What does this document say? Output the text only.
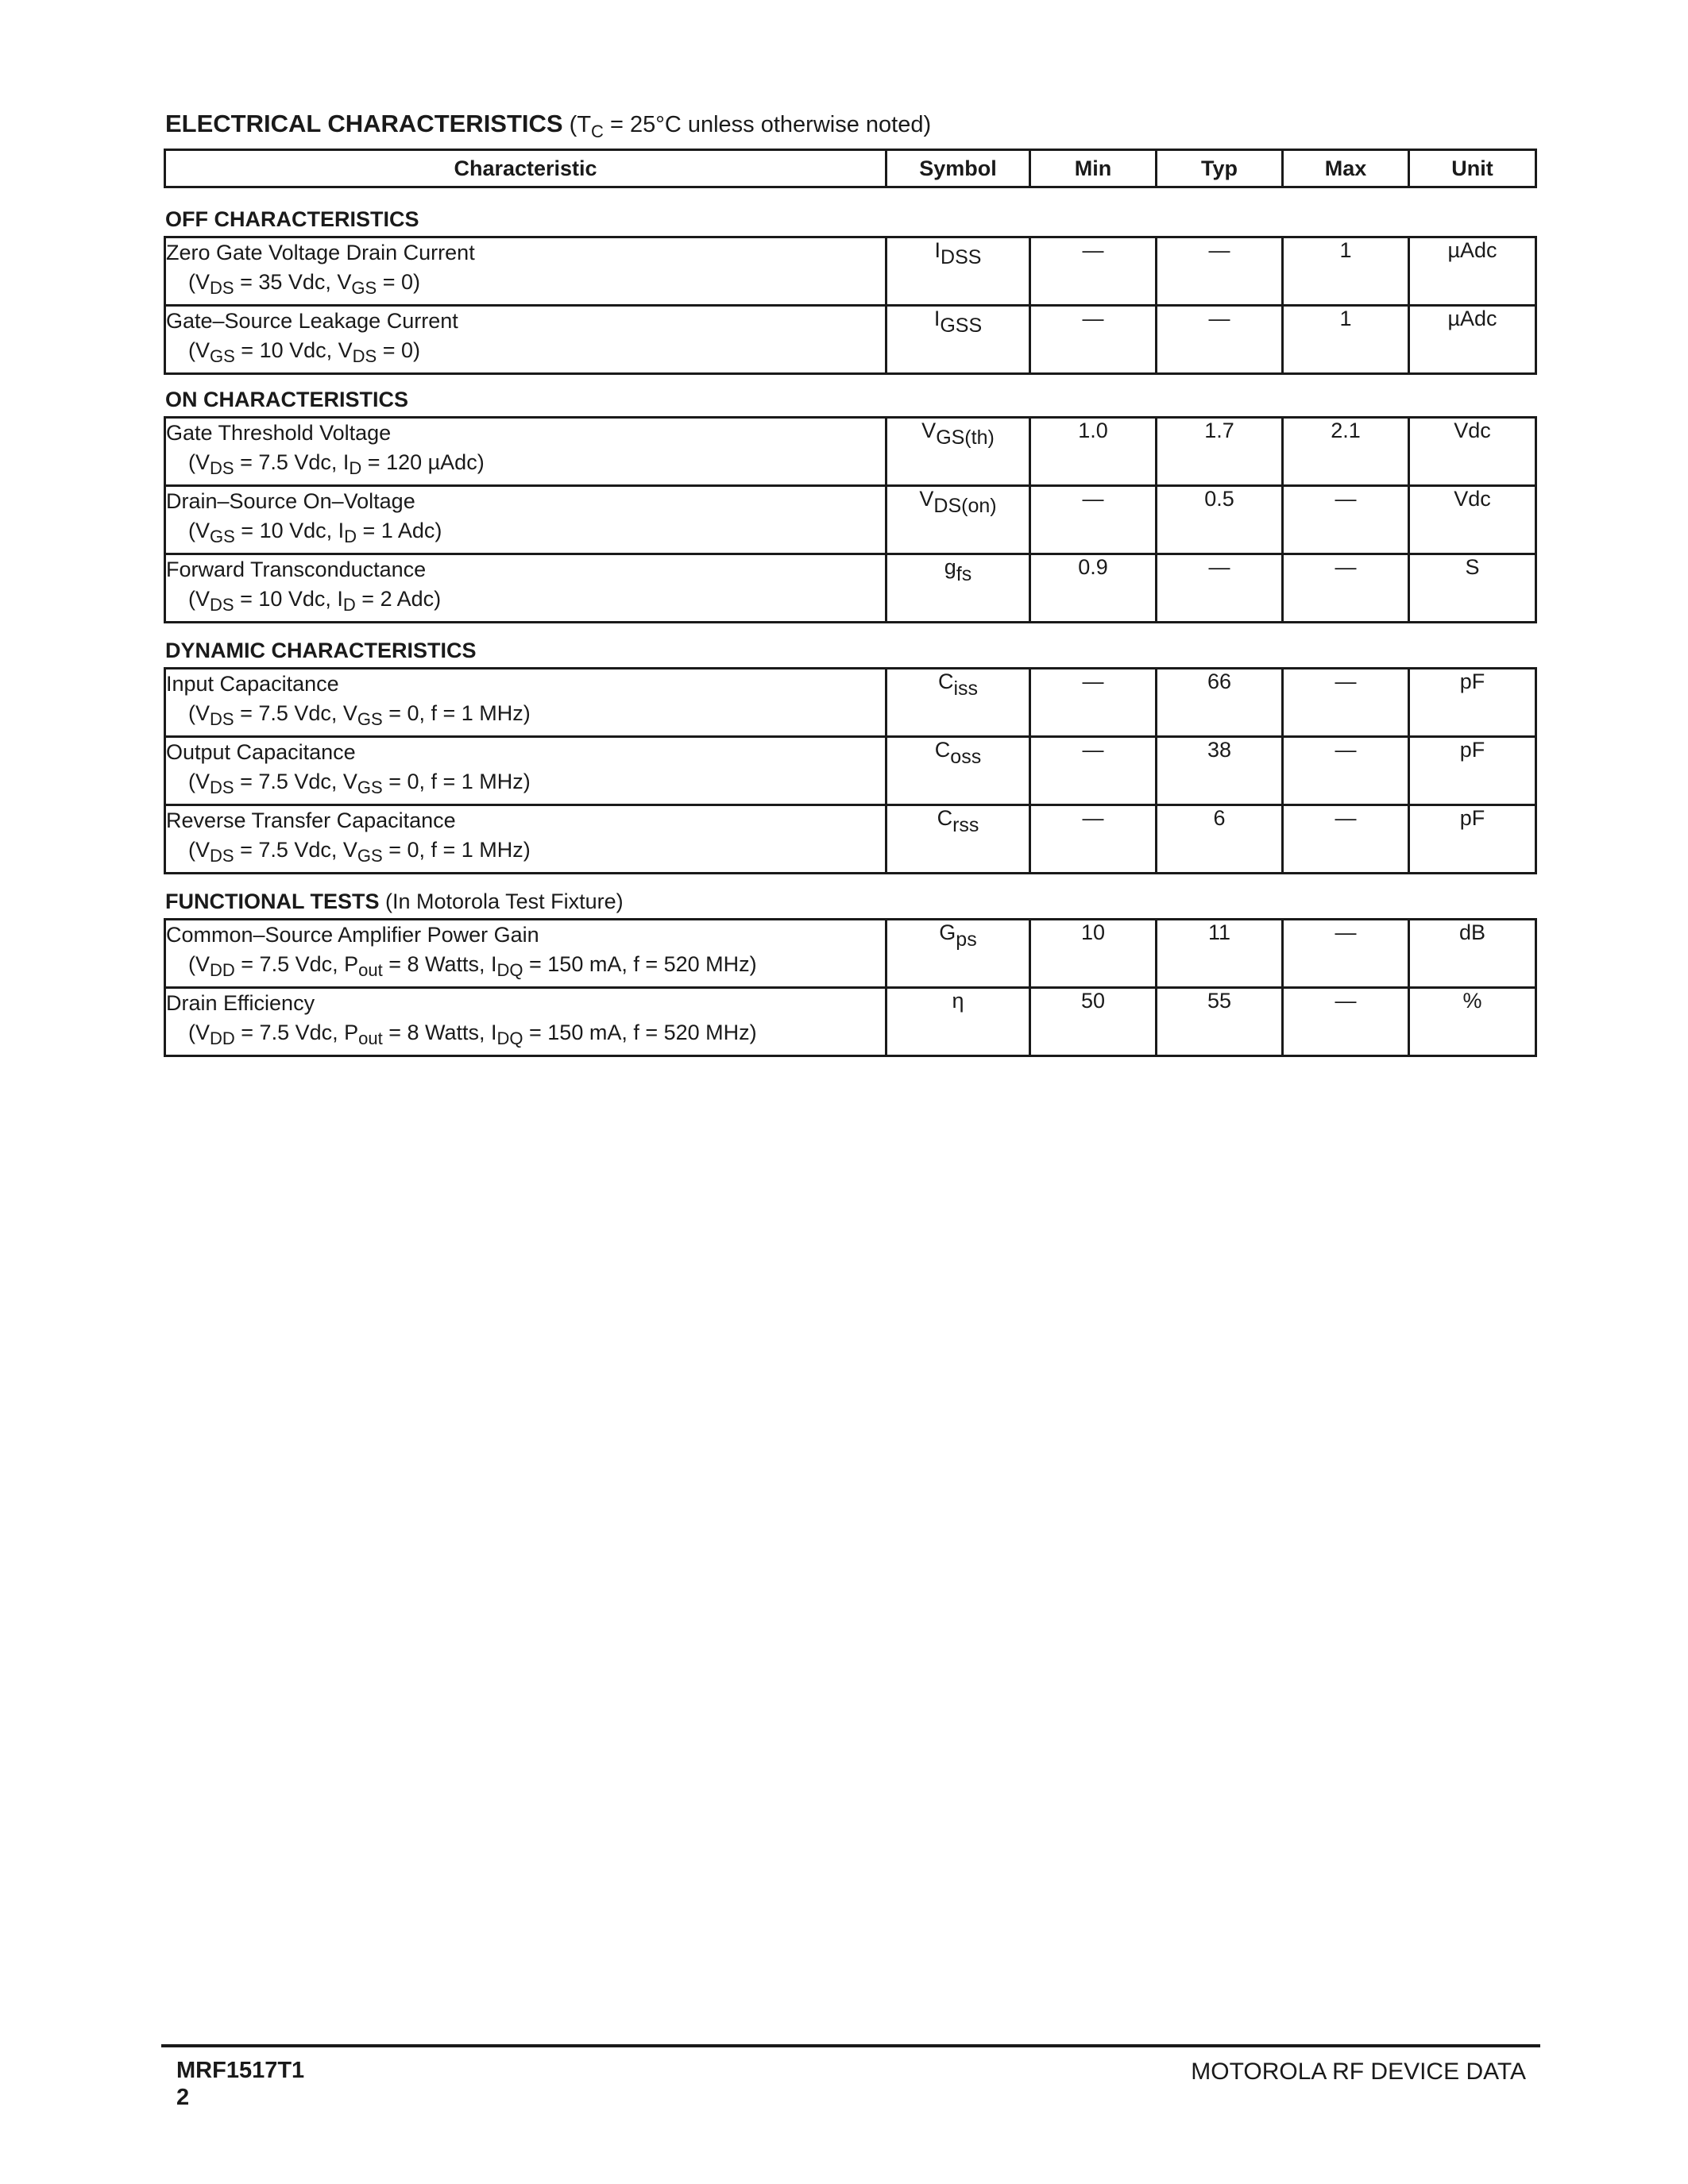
ELECTRICAL CHARACTERISTICS ($T_C = 25^\circ C$ unless otherwise noted)
Characteristic	Symbol	Min	Typ	Max	Unit
OFF CHARACTERISTICS
Zero Gate Voltage Drain Current
($V_{DS} = 35$ Vdc, $V_{GS} = 0$)	$I_{DSS}$	—	—	1	µAdc
Gate–Source Leakage Current
($V_{GS} = 10$ Vdc, $V_{DS} = 0$)	$I_{GSS}$	—	—	1	µAdc
ON CHARACTERISTICS
Gate Threshold Voltage
($V_{DS} = 7.5$ Vdc, $I_D = 120$ µAdc)	$V_{GS(th)}$	1.0	1.7	2.1	Vdc
Drain–Source On–Voltage
($V_{GS} = 10$ Vdc, $I_D = 1$ Adc)	$V_{DS(on)}$	—	0.5	—	Vdc
Forward Transconductance
($V_{DS} = 10$ Vdc, $I_D = 2$ Adc)	$g_{fs}$	0.9	—	—	S
DYNAMIC CHARACTERISTICS
Input Capacitance
($V_{DS} = 7.5$ Vdc, $V_{GS} = 0$, f = 1 MHz)	$C_{iss}$	—	66	—	pF
Output Capacitance
($V_{DS} = 7.5$ Vdc, $V_{GS} = 0$, f = 1 MHz)	$C_{oss}$	—	38	—	pF
Reverse Transfer Capacitance
($V_{DS} = 7.5$ Vdc, $V_{GS} = 0$, f = 1 MHz)	$C_{rss}$	—	6	—	pF
FUNCTIONAL TESTS (In Motorola Test Fixture)
Common–Source Amplifier Power Gain
($V_{DD} = 7.5$ Vdc, $P_{out} = 8$ Watts, $I_{DQ} = 150$ mA, f = 520 MHz)	$G_{ps}$	10	11	—	dB
Drain Efficiency
($V_{DD} = 7.5$ Vdc, $P_{out} = 8$ Watts, $I_{DQ} = 150$ mA, f = 520 MHz)	η	50	55	—	%
MRF1517T1
2
MOTOROLA RF DEVICE DATA
